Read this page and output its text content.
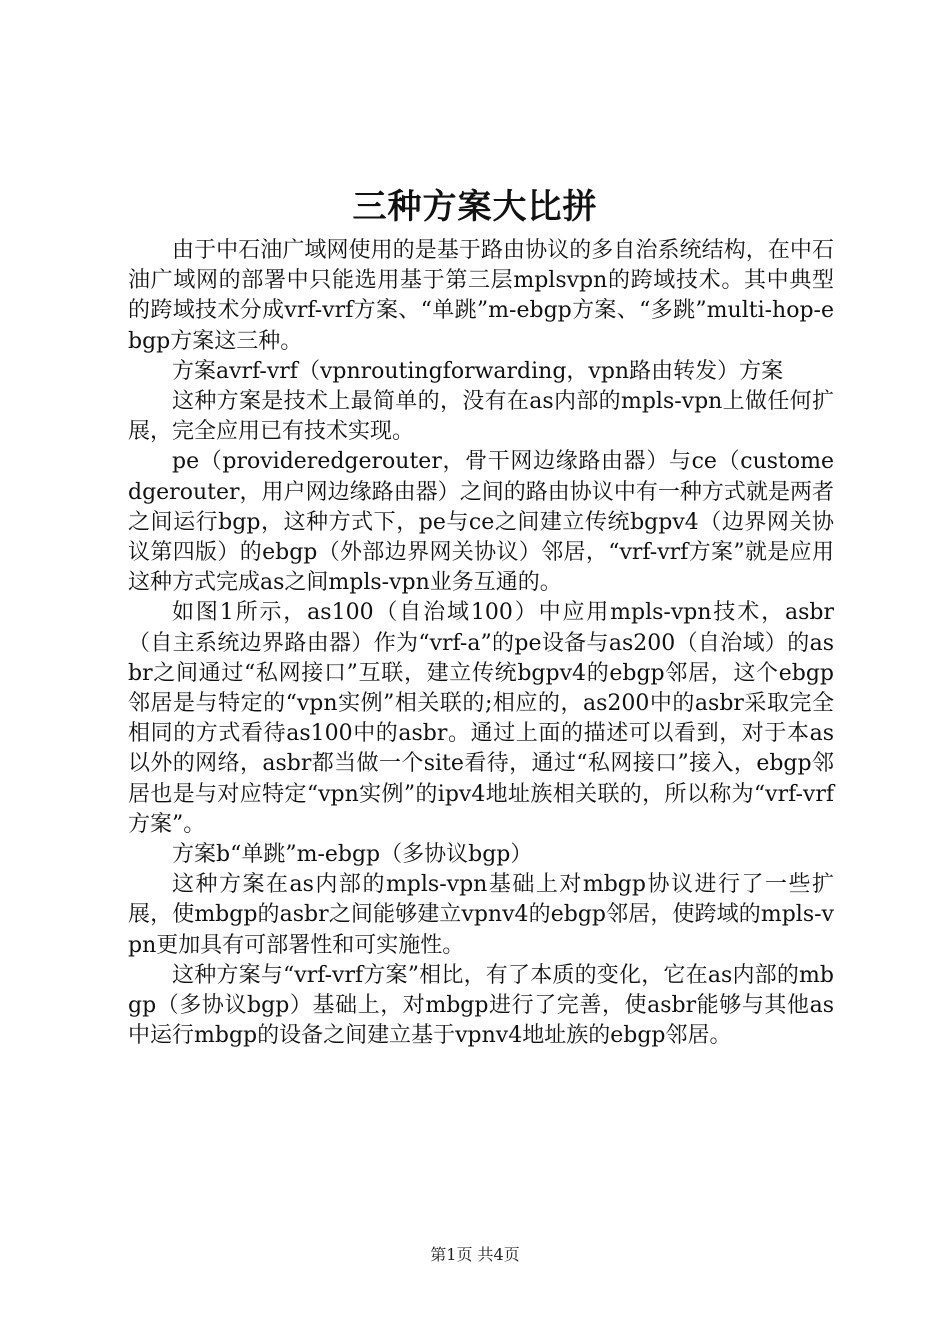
三种方案大比拼

由于中石油广域网使用的是基于路由协议的多自治系统结构，在中石油广域网的部署中只能选用基于第三层mplsvpn的跨域技术。其中典型的跨域技术分成vrf-vrf方案、“单跳”m-ebgp方案、“多跳”multi-hop-ebgp方案这三种。

方案avrf-vrf（vpnroutingforwarding，vpn路由转发）方案

这种方案是技术上最简单的，没有在as内部的mpls-vpn上做任何扩展，完全应用已有技术实现。

pe（provideredgerouter，骨干网边缘路由器）与ce（customedgerouter，用户网边缘路由器）之间的路由协议中有一种方式就是两者之间运行bgp，这种方式下，pe与ce之间建立传统bgpv4（边界网关协议第四版）的ebgp（外部边界网关协议）邻居，“vrf-vrf方案”就是应用这种方式完成as之间mpls-vpn业务互通的。

如图1所示，as100（自治域100）中应用mpls-vpn技术，asbr（自主系统边界路由器）作为“vrf-a”的pe设备与as200（自治域）的asbr之间通过“私网接口”互联，建立传统bgpv4的ebgp邻居，这个ebgp邻居是与特定的“vpn实例”相关联的;相应的，as200中的asbr采取完全相同的方式看待as100中的asbr。通过上面的描述可以看到，对于本as以外的网络，asbr都当做一个site看待，通过“私网接口”接入，ebgp邻居也是与对应特定“vpn实例”的ipv4地址族相关联的，所以称为“vrf-vrf方案”。

方案b“单跳”m-ebgp（多协议bgp）

这种方案在as内部的mpls-vpn基础上对mbgp协议进行了一些扩展，使mbgp的asbr之间能够建立vpnv4的ebgp邻居，使跨域的mpls-vpn更加具有可部署性和可实施性。

这种方案与“vrf-vrf方案”相比，有了本质的变化，它在as内部的mbgp（多协议bgp）基础上，对mbgp进行了完善，使asbr能够与其他as中运行mbgp的设备之间建立基于vpnv4地址族的ebgp邻居。

第1页 共4页
